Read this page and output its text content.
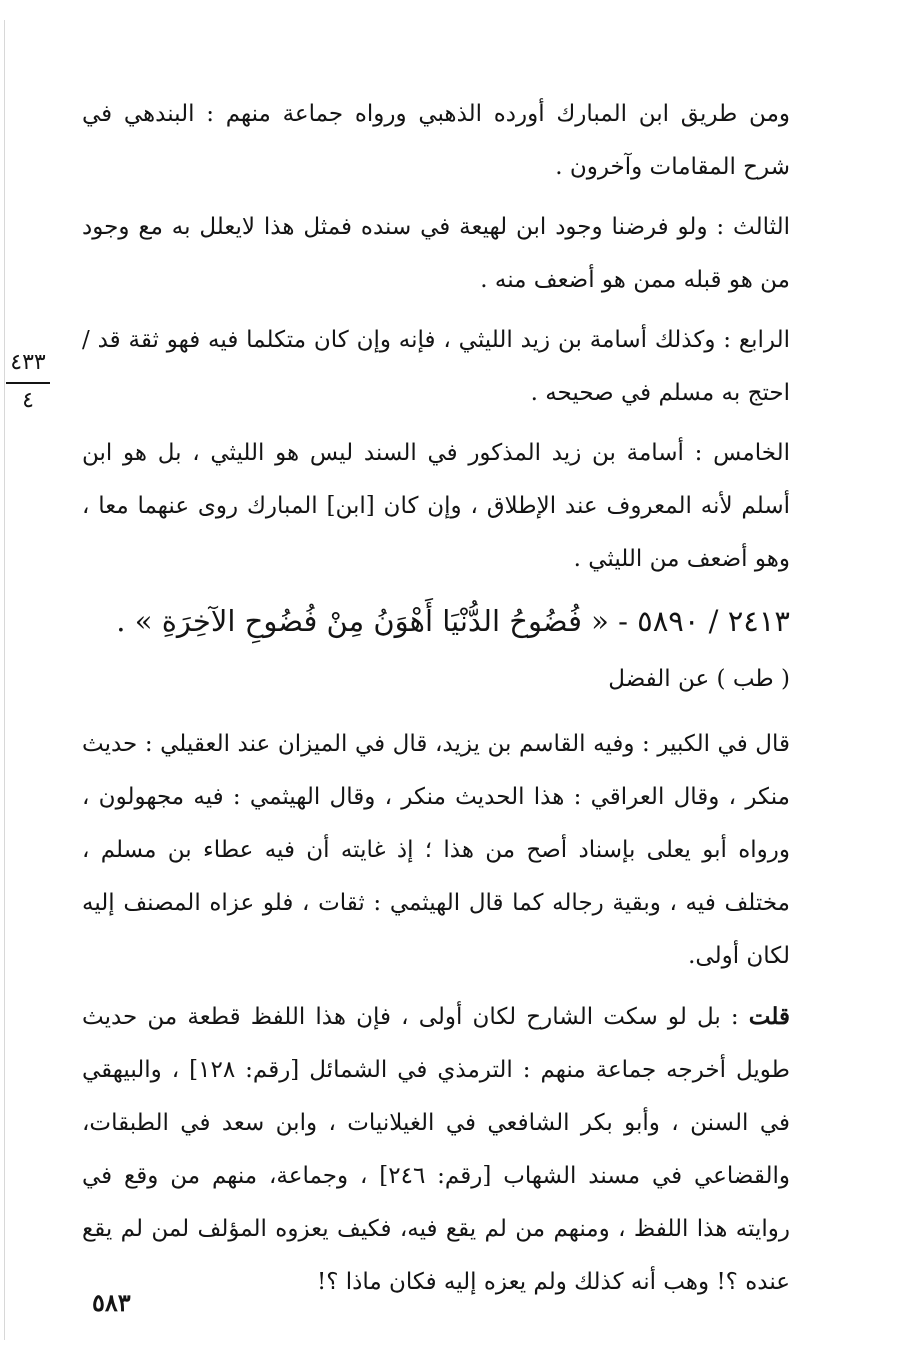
٤٣٣
٤

ومن طريق ابن المبارك أورده الذهبي ورواه جماعة منهم : البندهي في شرح المقامات وآخرون .

الثالث : ولو فرضنا وجود ابن لهيعة في سنده فمثل هذا لايعلل به مع وجود من هو قبله ممن هو أضعف منه .

الرابع : وكذلك أسامة بن زيد الليثي ، فإنه وإن كان متكلما فيه فهو ثقة قد / احتج به مسلم في صحيحه .

الخامس : أسامة بن زيد المذكور في السند ليس هو الليثي ، بل هو ابن أسلم لأنه المعروف عند الإطلاق ، وإن كان [ابن] المبارك روى عنهما معا ، وهو أضعف من الليثي .

٢٤١٣ / ٥٨٩٠ - « فُضُوحُ الدُّنْيَا أَهْوَنُ مِنْ فُضُوحِ الآخِرَةِ » .
( طب ) عن الفضل

قال في الكبير : وفيه القاسم بن يزيد، قال في الميزان عند العقيلي : حديث منكر ، وقال العراقي : هذا الحديث منكر ، وقال الهيثمي : فيه مجهولون ، ورواه أبو يعلى بإسناد أصح من هذا ؛ إذ غايته أن فيه عطاء بن مسلم ، مختلف فيه ، وبقية رجاله كما قال الهيثمي : ثقات ، فلو عزاه المصنف إليه لكان أولى.

قلت : بل لو سكت الشارح لكان أولى ، فإن هذا اللفظ قطعة من حديث طويل أخرجه جماعة منهم : الترمذي في الشمائل [رقم: ١٢٨] ، والبيهقي في السنن ، وأبو بكر الشافعي في الغيلانيات ، وابن سعد في الطبقات، والقضاعي في مسند الشهاب [رقم: ٢٤٦] ، وجماعة، منهم من وقع في روايته هذا اللفظ ، ومنهم من لم يقع فيه، فكيف يعزوه المؤلف لمن لم يقع عنده ؟! وهب أنه كذلك ولم يعزه إليه فكان ماذا ؟!

٥٨٣
